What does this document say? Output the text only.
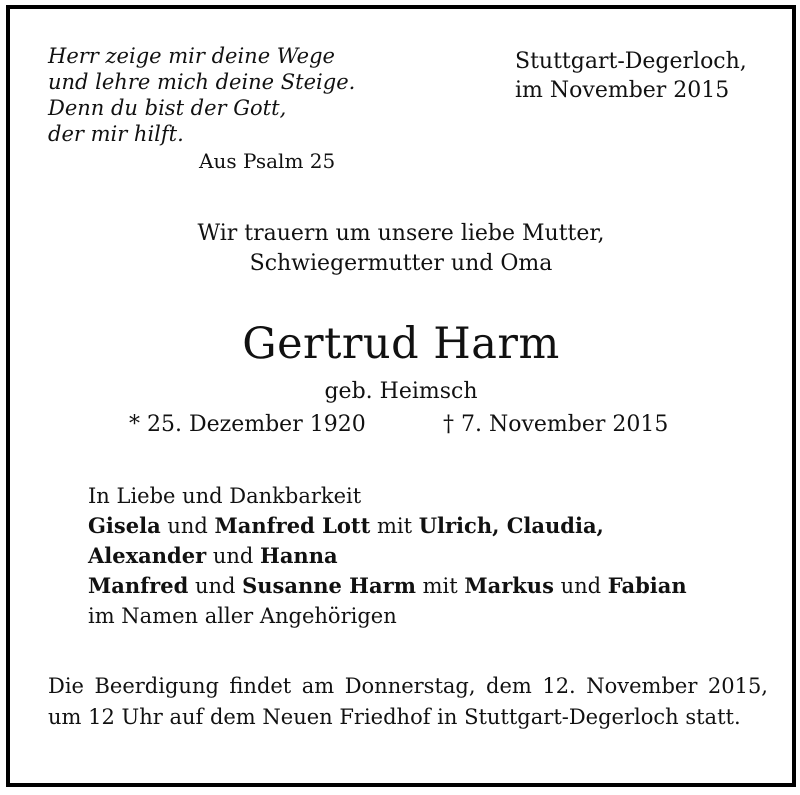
Herr zeige mir deine Wege
und lehre mich deine Steige.
Denn du bist der Gott,
der mir hilft.
Aus Psalm 25
Stuttgart-Degerloch,
im November 2015
Wir trauern um unsere liebe Mutter,
Schwiegermutter und Oma
Gertrud Harm
geb. Heimsch
* 25. Dezember 1920	† 7. November 2015
In Liebe und Dankbarkeit
Gisela und Manfred Lott mit Ulrich, Claudia,
Alexander und Hanna
Manfred und Susanne Harm mit Markus und Fabian
im Namen aller Angehörigen
Die Beerdigung findet am Donnerstag, dem 12. November 2015, um 12 Uhr auf dem Neuen Friedhof in Stuttgart-Degerloch statt.
